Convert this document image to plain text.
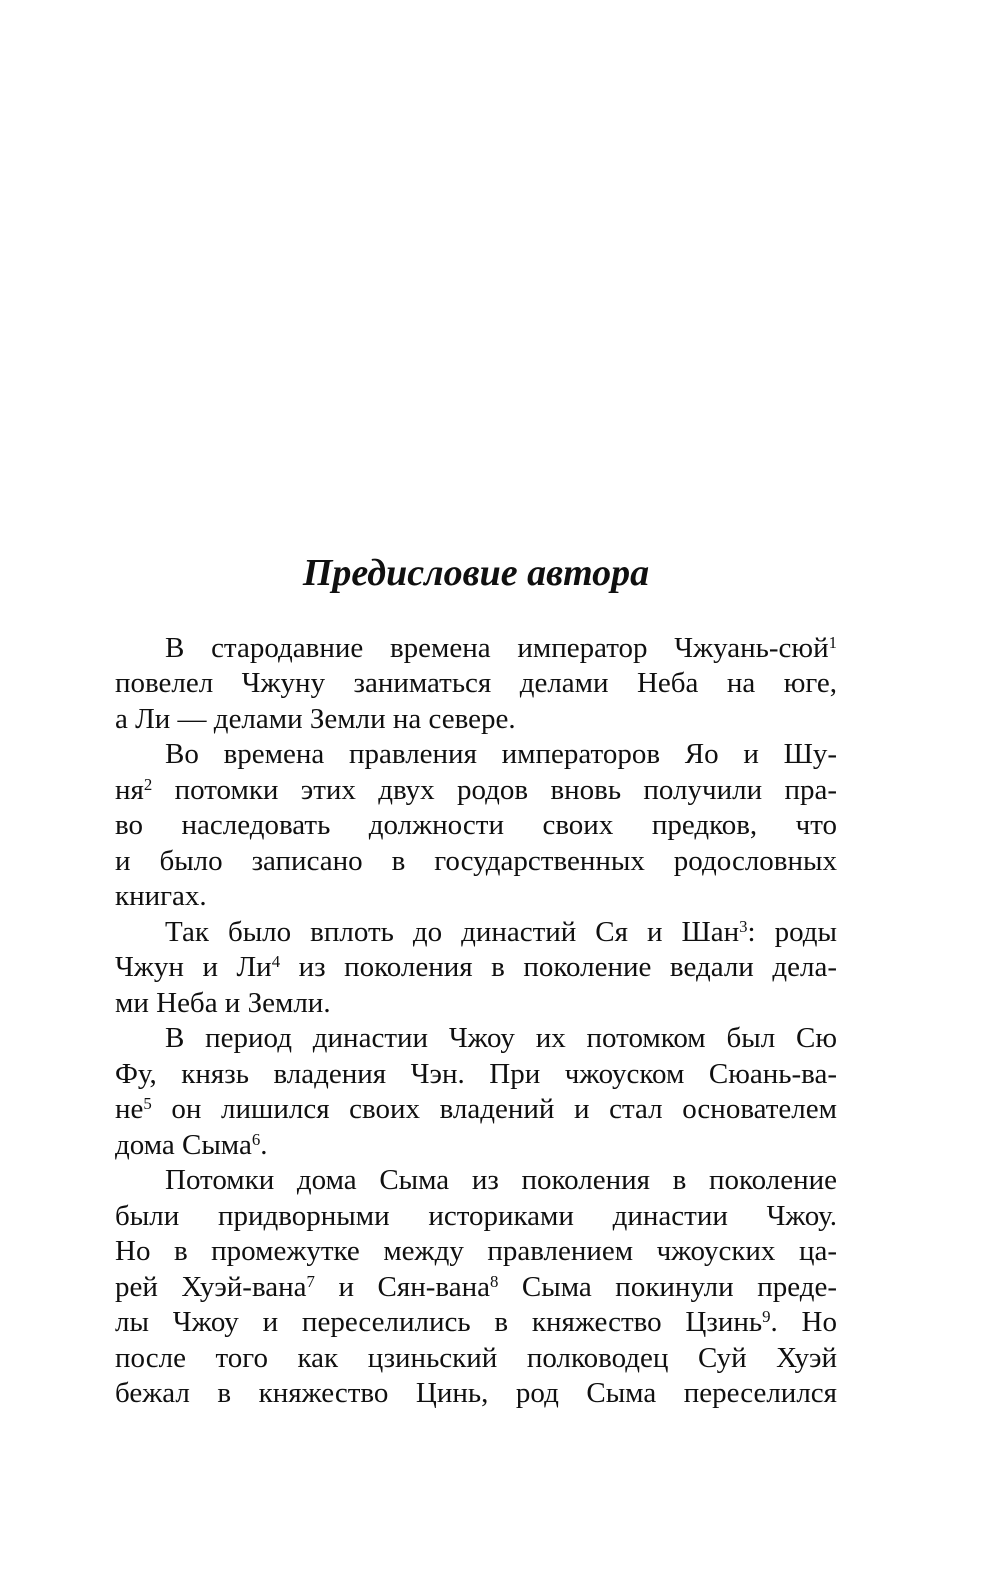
Предисловие автора
В стародавние времена император Чжуань-сюй$^1$
повелел Чжуну заниматься делами Неба на юге,
а Ли — делами Земли на севере.
Во времена правления императоров Яо и Шу-
$ня^2$ потомки этих двух родов вновь получили пра-
во наследовать должности своих предков, что
и было записано в государственных родословных
книгах.
Так было вплоть до династий Ся и Шан$^3$: роды
Чжун и $Ли^4$ из поколения в поколение ведали дела-
ми Неба и Земли.
В период династии Чжоу их потомком был Сю
Фу, князь владения Чэн. При чжоуском Сюань-ва-
$не^5$ он лишился своих владений и стал основателем
дома Сыма$^6$.
Потомки дома Сыма из поколения в поколение
были придворными историками династии Чжоу.
Но в промежутке между правлением чжоуских ца-
рей Хуэй-вана$^7$ и Сян-вана$^8$ Сыма покинули преде-
лы Чжоу и переселились в княжество Цзинь$^9$. Но
после того как цзиньский полководец Суй Хуэй
бежал в княжество Цинь, род Сыма переселился
